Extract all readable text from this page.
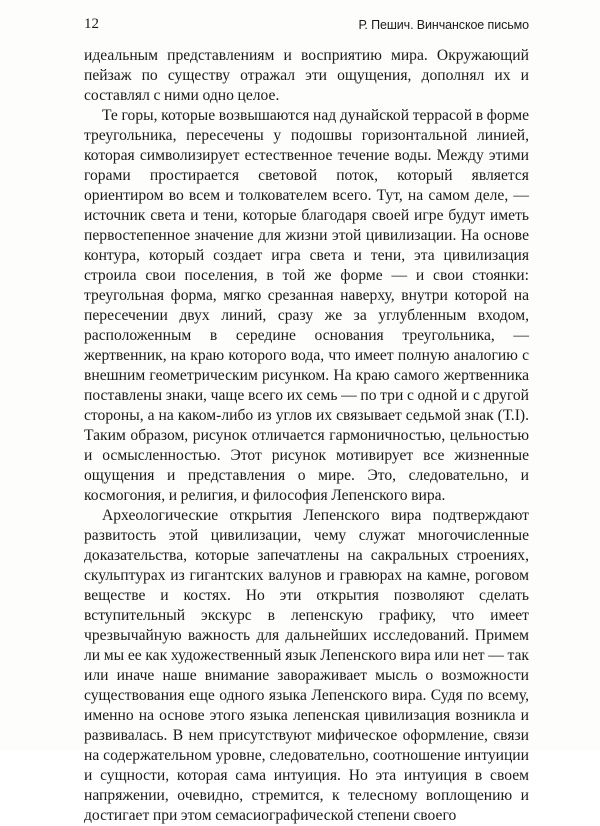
12	Р. Пешич. Винчанское письмо

идеальным представлениям и восприятию мира. Окружающий пейзаж по существу отражал эти ощущения, дополнял их и составлял с ними одно целое.

Те горы, которые возвышаются над дунайской террасой в форме треугольника, пересечены у подошвы горизонтальной линией, которая символизирует естественное течение воды. Между этими горами простирается световой поток, который является ориентиром во всем и толкователем всего. Тут, на самом деле, — источник света и тени, которые благодаря своей игре будут иметь первостепенное значение для жизни этой цивилизации. На основе контура, который создает игра света и тени, эта цивилизация строила свои поселения, в той же форме — и свои стоянки: треугольная форма, мягко срезанная наверху, внутри которой на пересечении двух линий, сразу же за углубленным входом, расположенным в середине основания треугольника, — жертвенник, на краю которого вода, что имеет полную аналогию с внешним геометрическим рисунком. На краю самого жертвенника поставлены знаки, чаще всего их семь — по три с одной и с другой стороны, а на каком-либо из углов их связывает седьмой знак (Т.I). Таким образом, рисунок отличается гармоничностью, цельностью и осмысленностью. Этот рисунок мотивирует все жизненные ощущения и представления о мире. Это, следовательно, и космогония, и религия, и философия Лепенского вира.

Археологические открытия Лепенского вира подтверждают развитость этой цивилизации, чему служат многочисленные доказательства, которые запечатлены на сакральных строениях, скульптурах из гигантских валунов и гравюрах на камне, роговом веществе и костях. Но эти открытия позволяют сделать вступительный экскурс в лепенскую графику, что имеет чрезвычайную важность для дальнейших исследований. Примем ли мы ее как художественный язык Лепенского вира или нет — так или иначе наше внимание завораживает мысль о возможности существования еще одного языка Лепенского вира. Судя по всему, именно на основе этого языка лепенская цивилизация возникла и развивалась. В нем присутствуют мифическое оформление, связи на содержательном уровне, следовательно, соотношение интуиции и сущности, которая сама интуиция. Но эта интуиция в своем напряжении, очевидно, стремится, к телесному воплощению и достигает при этом семасиографической степени своего
